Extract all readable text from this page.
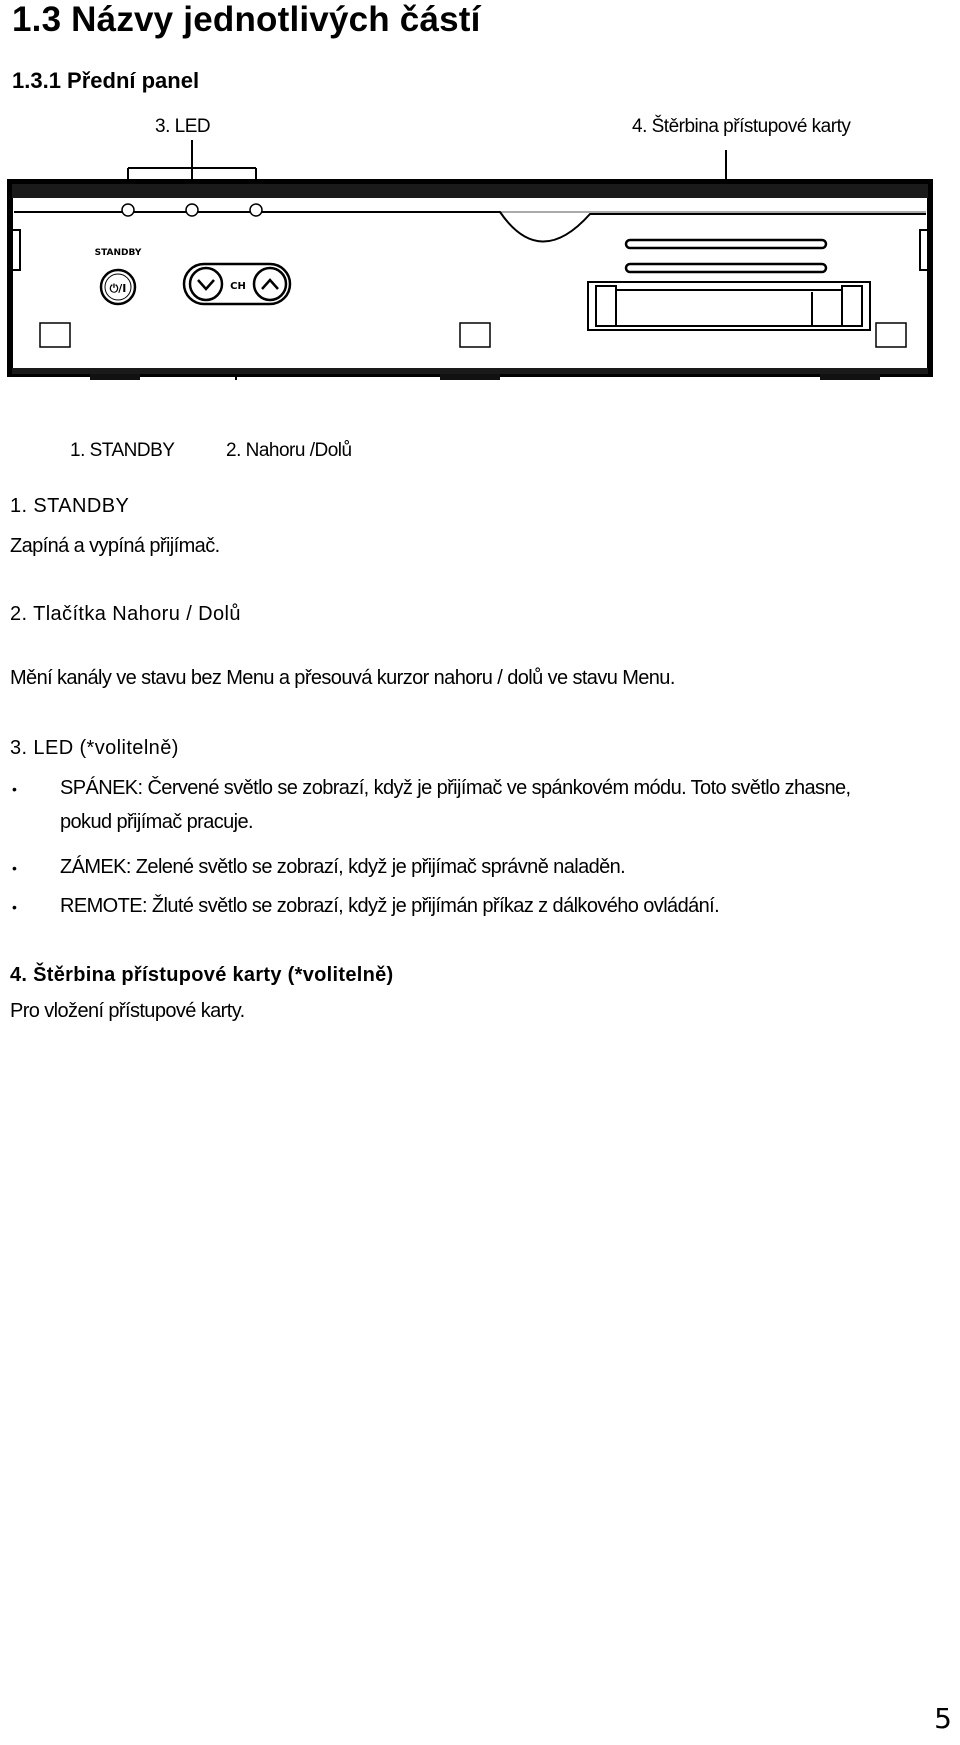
1.3 Názvy jednotlivých částí
1.3.1 Přední panel
3. LED	4. Štěrbina přístupové karty
⏻/I
STANDBY
CH
1. STANDBY	2. Nahoru /Dolů
1. STANDBY
Zapíná a vypíná přijímač.
2. Tlačítka Nahoru / Dolů
Mění kanály ve stavu bez Menu a přesouvá kurzor nahoru / dolů ve stavu Menu.
3. LED (*volitelně)
• SPÁNEK: Červené světlo se zobrazí, když je přijímač ve spánkovém módu. Toto světlo zhasne,
pokud přijímač pracuje.
• ZÁMEK: Zelené světlo se zobrazí, když je přijímač správně naladěn.
• REMOTE: Žluté světlo se zobrazí, když je přijímán příkaz z dálkového ovládání.
4. Štěrbina přístupové karty (*volitelně)
Pro vložení přístupové karty.
5
